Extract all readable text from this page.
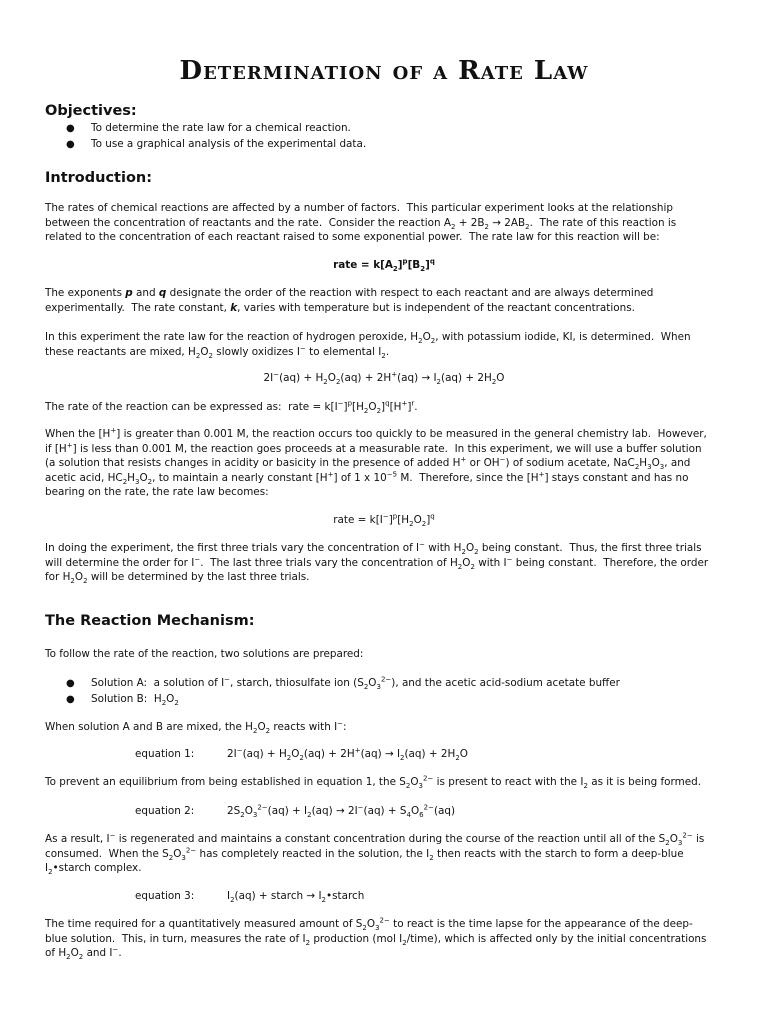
Determination of a Rate Law
Objectives:
● To determine the rate law for a chemical reaction.
● To use a graphical analysis of the experimental data.
Introduction:
The rates of chemical reactions are affected by a number of factors.  This particular experiment looks at the relationship between the concentration of reactants and the rate.  Consider the reaction $A_2 + 2B_2 \to 2AB_2$.  The rate of this reaction is related to the concentration of each reactant raised to some exponential power.  The rate law for this reaction will be:
rate = $k[A_2]^p[B_2]^q$
The exponents p and q designate the order of the reaction with respect to each reactant and are always determined experimentally.  The rate constant, k, varies with temperature but is independent of the reactant concentrations.
In this experiment the rate law for the reaction of hydrogen peroxide, $H_2O_2$, with potassium iodide, KI, is determined.  When these reactants are mixed, $H_2O_2$ slowly oxidizes I− to elemental $I_2$.
$2I^-(aq) + H_2O_2(aq) + 2H^+(aq) \to I_2(aq) + 2H_2O$
The rate of the reaction can be expressed as:  rate = $k[I^-]^p[H_2O_2]^q[H^+]^r$.
When the [H+] is greater than 0.001 M, the reaction occurs too quickly to be measured in the general chemistry lab.  However, if [H+] is less than 0.001 M, the reaction goes proceeds at a measurable rate.  In this experiment, we will use a buffer solution (a solution that resists changes in acidity or basicity in the presence of added H+ or OH−) of sodium acetate, $NaC_2H_3O_3$, and acetic acid, $HC_2H_3O_2$, to maintain a nearly constant [H+] of 1 x $10^{-5}$ M.  Therefore, since the [H+] stays constant and has no bearing on the rate, the rate law becomes:
rate = $k[I^-]^p[H_2O_2]^q$
In doing the experiment, the first three trials vary the concentration of I− with $H_2O_2$ being constant.  Thus, the first three trials will determine the order for I−.  The last three trials vary the concentration of $H_2O_2$ with I− being constant.  Therefore, the order for $H_2O_2$ will be determined by the last three trials.
The Reaction Mechanism:
To follow the rate of the reaction, two solutions are prepared:
● Solution A:  a solution of I−, starch, thiosulfate ion $(S_2O_3^{2-})$, and the acetic acid-sodium acetate buffer
● Solution B:  $H_2O_2$
When solution A and B are mixed, the $H_2O_2$ reacts with I−:
equation 1:	$2I^-(aq) + H_2O_2(aq) + 2H^+(aq) \to I_2(aq) + 2H_2O$
To prevent an equilibrium from being established in equation 1, the $S_2O_3^{2-}$ is present to react with the $I_2$ as it is being formed.
equation 2:	$2S_2O_3^{2-}(aq) + I_2(aq) \to 2I^-(aq) + S_4O_6^{2-}(aq)$
As a result, I− is regenerated and maintains a constant concentration during the course of the reaction until all of the $S_2O_3^{2-}$ is consumed.  When the $S_2O_3^{2-}$ has completely reacted in the solution, the $I_2$ then reacts with the starch to form a deep-blue $I_2•starch$ complex.
equation 3:	$I_2(aq)$ + starch → $I_2•starch$
The time required for a quantitatively measured amount of $S_2O_3^{2-}$ to react is the time lapse for the appearance of the deep-blue solution.  This, in turn, measures the rate of $I_2$ production (mol $I_2/time$), which is affected only by the initial concentrations of $H_2O_2$ and I−.
